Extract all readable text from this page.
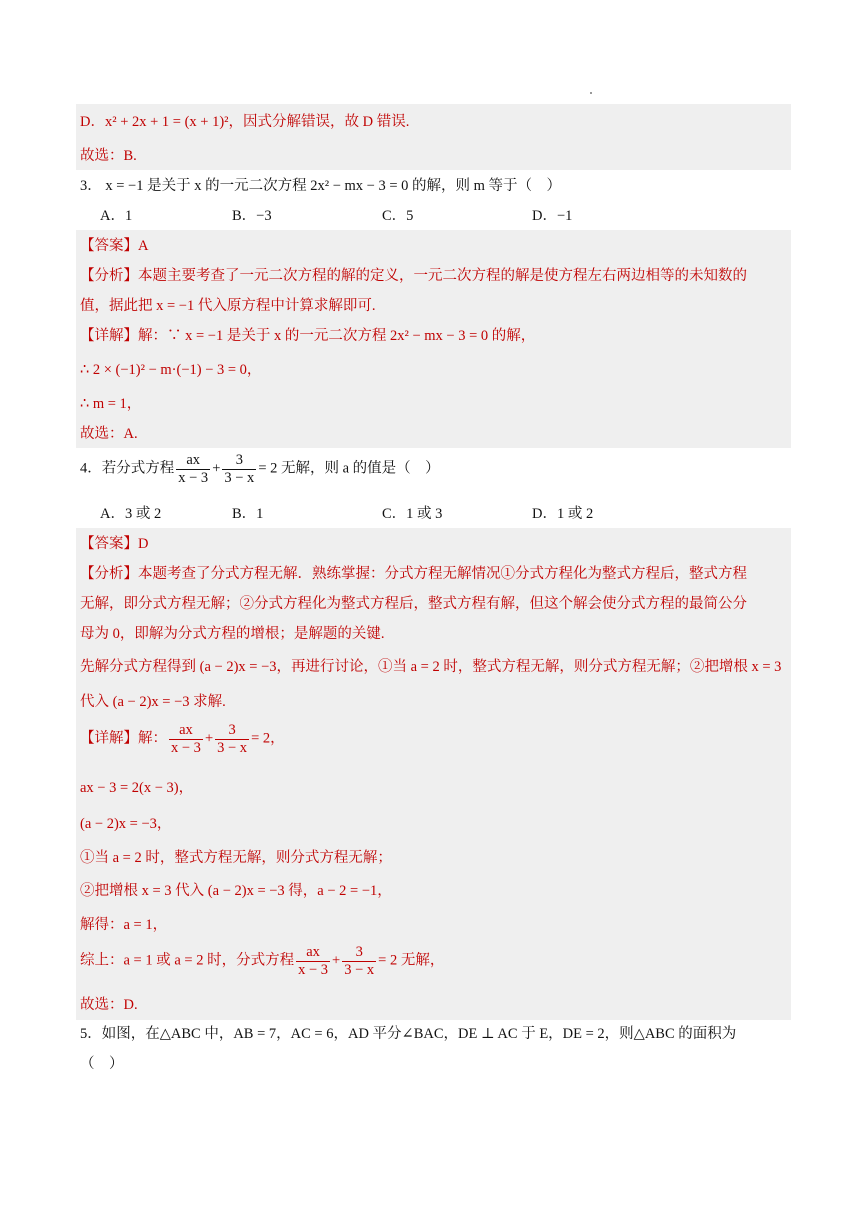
D．x² + 2x + 1 = (x + 1)²，因式分解错误，故 D 错误.
故选：B.
3． x = −1 是关于 x 的一元二次方程 2x² − mx − 3 = 0 的解，则 m 等于（　）
A．1	B．−3	C．5	D．−1
【答案】A
【分析】本题主要考查了一元二次方程的解的定义，一元二次方程的解是使方程左右两边相等的未知数的
值，据此把 x = −1 代入原方程中计算求解即可.
【详解】解：∵ x = −1 是关于 x 的一元二次方程 2x² − mx − 3 = 0 的解，
∴ 2 × (−1)² − m·(−1) − 3 = 0，
∴ m = 1，
故选：A.
4．若分式方程 $\frac{ax}{x - 3} + \frac{3}{3 - x} = 2$ 无解，则 a 的值是（　）
A．3 或 2	B．1	C．1 或 3	D．1 或 2
【答案】D
【分析】本题考查了分式方程无解．熟练掌握：分式方程无解情况①分式方程化为整式方程后，整式方程
无解，即分式方程无解；②分式方程化为整式方程后，整式方程有解，但这个解会使分式方程的最简公分
母为 0，即解为分式方程的增根；是解题的关键.
先解分式方程得到 (a − 2)x = −3，再进行讨论，①当 a = 2 时，整式方程无解，则分式方程无解；②把增根 x = 3
代入 (a − 2)x = −3 求解.
【详解】解： $\frac{ax}{x - 3} + \frac{3}{3 - x} = 2$，
ax − 3 = 2(x − 3)，
(a − 2)x = −3，
①当 a = 2 时，整式方程无解，则分式方程无解；
②把增根 x = 3 代入 (a − 2)x = −3 得，a − 2 = −1，
解得：a = 1，
综上：a = 1 或 a = 2 时，分式方程 $\frac{ax}{x - 3} + \frac{3}{3 - x} = 2$ 无解，
故选：D.
5．如图，在△ABC 中，AB = 7，AC = 6，AD 平分∠BAC，DE ⊥ AC 于 E，DE = 2，则△ABC 的面积为
（　）
